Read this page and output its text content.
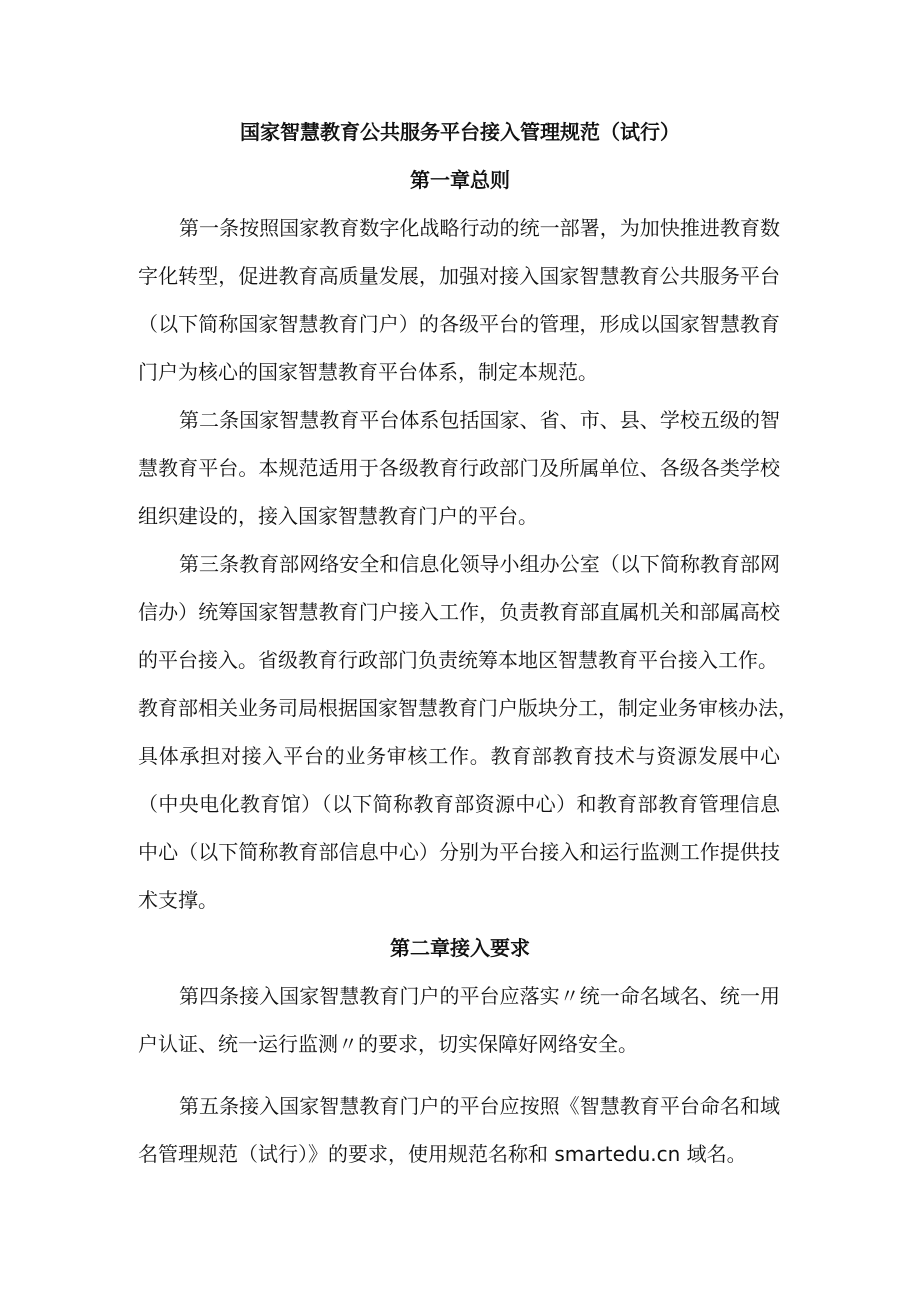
国家智慧教育公共服务平台接入管理规范（试行）
第一章总则

第一条按照国家教育数字化战略行动的统一部署，为加快推进教育数

字化转型，促进教育高质量发展，加强对接入国家智慧教育公共服务平台

（以下简称国家智慧教育门户）的各级平台的管理，形成以国家智慧教育

门户为核心的国家智慧教育平台体系，制定本规范。

第二条国家智慧教育平台体系包括国家、省、市、县、学校五级的智

慧教育平台。本规范适用于各级教育行政部门及所属单位、各级各类学校

组织建设的，接入国家智慧教育门户的平台。

第三条教育部网络安全和信息化领导小组办公室（以下简称教育部网

信办）统筹国家智慧教育门户接入工作，负责教育部直属机关和部属高校

的平台接入。省级教育行政部门负责统筹本地区智慧教育平台接入工作。

教育部相关业务司局根据国家智慧教育门户版块分工，制定业务审核办法，

具体承担对接入平台的业务审核工作。教育部教育技术与资源发展中心

（中央电化教育馆）（以下简称教育部资源中心）和教育部教育管理信息

中心（以下简称教育部信息中心）分别为平台接入和运行监测工作提供技

术支撑。

第二章接入要求

第四条接入国家智慧教育门户的平台应落实〃统一命名域名、统一用

户认证、统一运行监测〃的要求，切实保障好网络安全。

第五条接入国家智慧教育门户的平台应按照《智慧教育平台命名和域

名管理规范（试行）》的要求，使用规范名称和 smartedu.cn 域名。
